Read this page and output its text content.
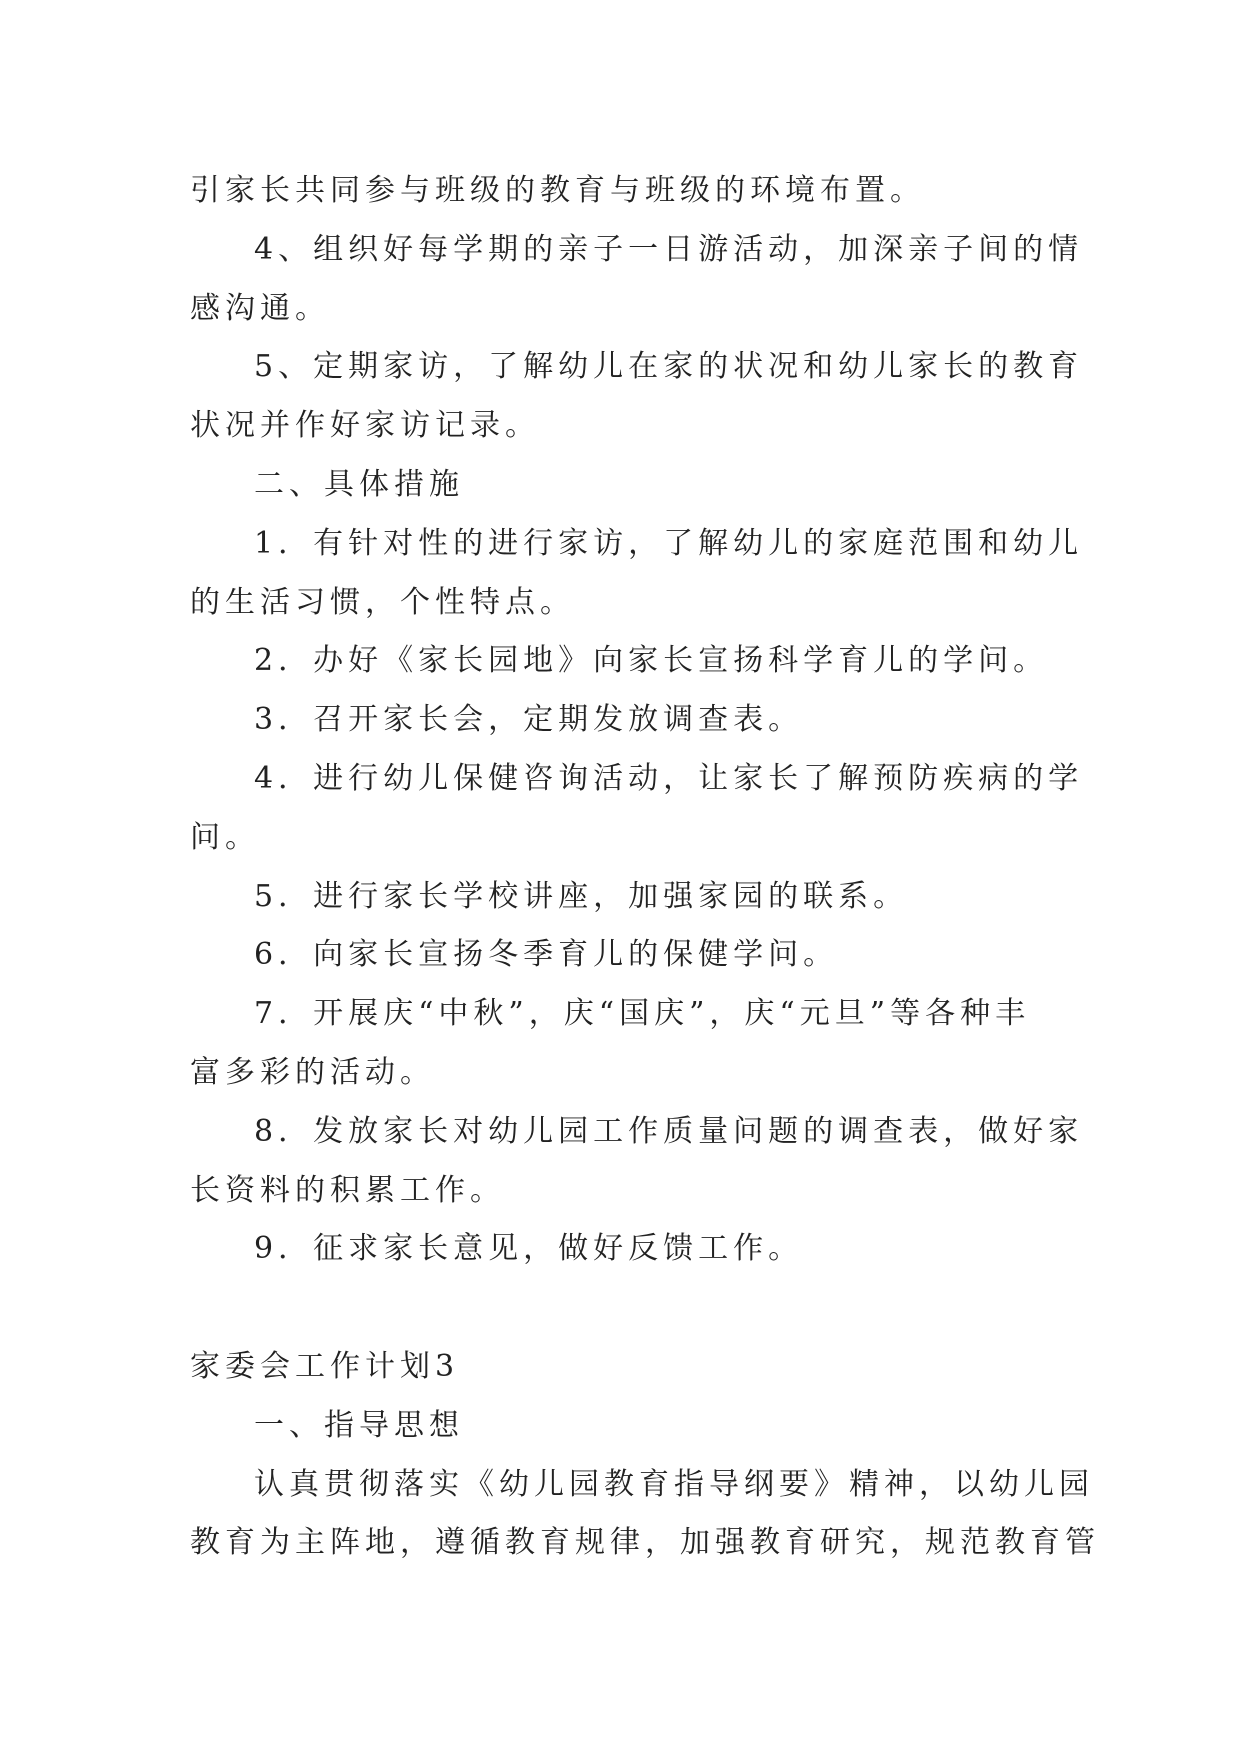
引家长共同参与班级的教育与班级的环境布置。
4、组织好每学期的亲子一日游活动，加深亲子间的情
感沟通。
5、定期家访，了解幼儿在家的状况和幼儿家长的教育
状况并作好家访记录。
二、具体措施
1．有针对性的进行家访，了解幼儿的家庭范围和幼儿
的生活习惯，个性特点。
2．办好《家长园地》向家长宣扬科学育儿的学问。
3．召开家长会，定期发放调查表。
4．进行幼儿保健咨询活动，让家长了解预防疾病的学
问。
5．进行家长学校讲座，加强家园的联系。
6．向家长宣扬冬季育儿的保健学问。
7．开展庆“中秋”，庆“国庆”，庆“元旦”等各种丰
富多彩的活动。
8．发放家长对幼儿园工作质量问题的调查表，做好家
长资料的积累工作。
9．征求家长意见，做好反馈工作。
家委会工作计划3
一、指导思想
认真贯彻落实《幼儿园教育指导纲要》精神，以幼儿园
教育为主阵地，遵循教育规律，加强教育研究，规范教育管
